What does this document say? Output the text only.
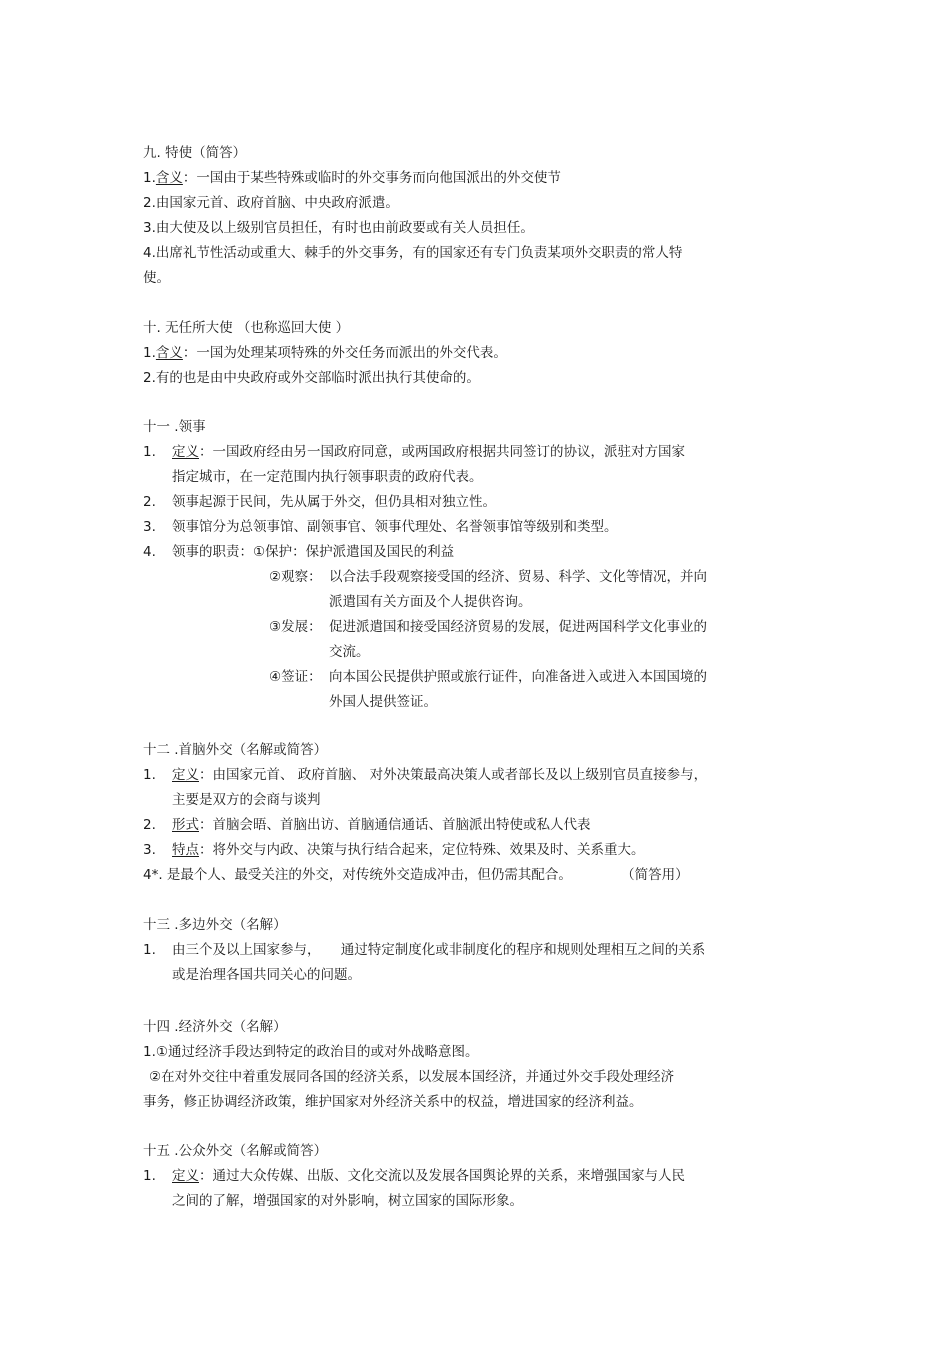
九. 特使（简答）
1.含义：一国由于某些特殊或临时的外交事务而向他国派出的外交使节
2.由国家元首、政府首脑、中央政府派遣。
3.由大使及以上级别官员担任，有时也由前政要或有关人员担任。
4.出席礼节性活动或重大、棘手的外交事务，有的国家还有专门负责某项外交职责的常人特
使。
十. 无任所大使 （也称巡回大使 ）
1.含义：一国为处理某项特殊的外交任务而派出的外交代表。
2.有的也是由中央政府或外交部临时派出执行其使命的。
十一 .领事
1. 定义：一国政府经由另一国政府同意，或两国政府根据共同签订的协议，派驻对方国家
指定城市，在一定范围内执行领事职责的政府代表。
2. 领事起源于民间，先从属于外交，但仍具相对独立性。
3. 领事馆分为总领事馆、副领事官、领事代理处、名誉领事馆等级别和类型。
4. 领事的职责：①保护：保护派遣国及国民的利益
②观察： 以合法手段观察接受国的经济、贸易、科学、文化等情况，并向
派遣国有关方面及个人提供咨询。
③发展： 促进派遣国和接受国经济贸易的发展，促进两国科学文化事业的
交流。
④签证： 向本国公民提供护照或旅行证件，向准备进入或进入本国国境的
外国人提供签证。
十二 .首脑外交（名解或简答）
1. 定义：由国家元首、 政府首脑、 对外决策最高决策人或者部长及以上级别官员直接参与，
主要是双方的会商与谈判
2. 形式：首脑会晤、首脑出访、首脑通信通话、首脑派出特使或私人代表
3. 特点：将外交与内政、决策与执行结合起来，定位特殊、效果及时、关系重大。
4*. 是最个人、最受关注的外交，对传统外交造成冲击，但仍需其配合。	（简答用）
十三 .多边外交（名解）
1. 由三个及以上国家参与，　　通过特定制度化或非制度化的程序和规则处理相互之间的关系
或是治理各国共同关心的问题。
十四 .经济外交（名解）
1.①通过经济手段达到特定的政治目的或对外战略意图。
②在对外交往中着重发展同各国的经济关系，以发展本国经济，并通过外交手段处理经济
事务，修正协调经济政策，维护国家对外经济关系中的权益，增进国家的经济利益。
十五 .公众外交（名解或简答）
1. 定义：通过大众传媒、出版、文化交流以及发展各国舆论界的关系，来增强国家与人民
之间的了解，增强国家的对外影响，树立国家的国际形象。
